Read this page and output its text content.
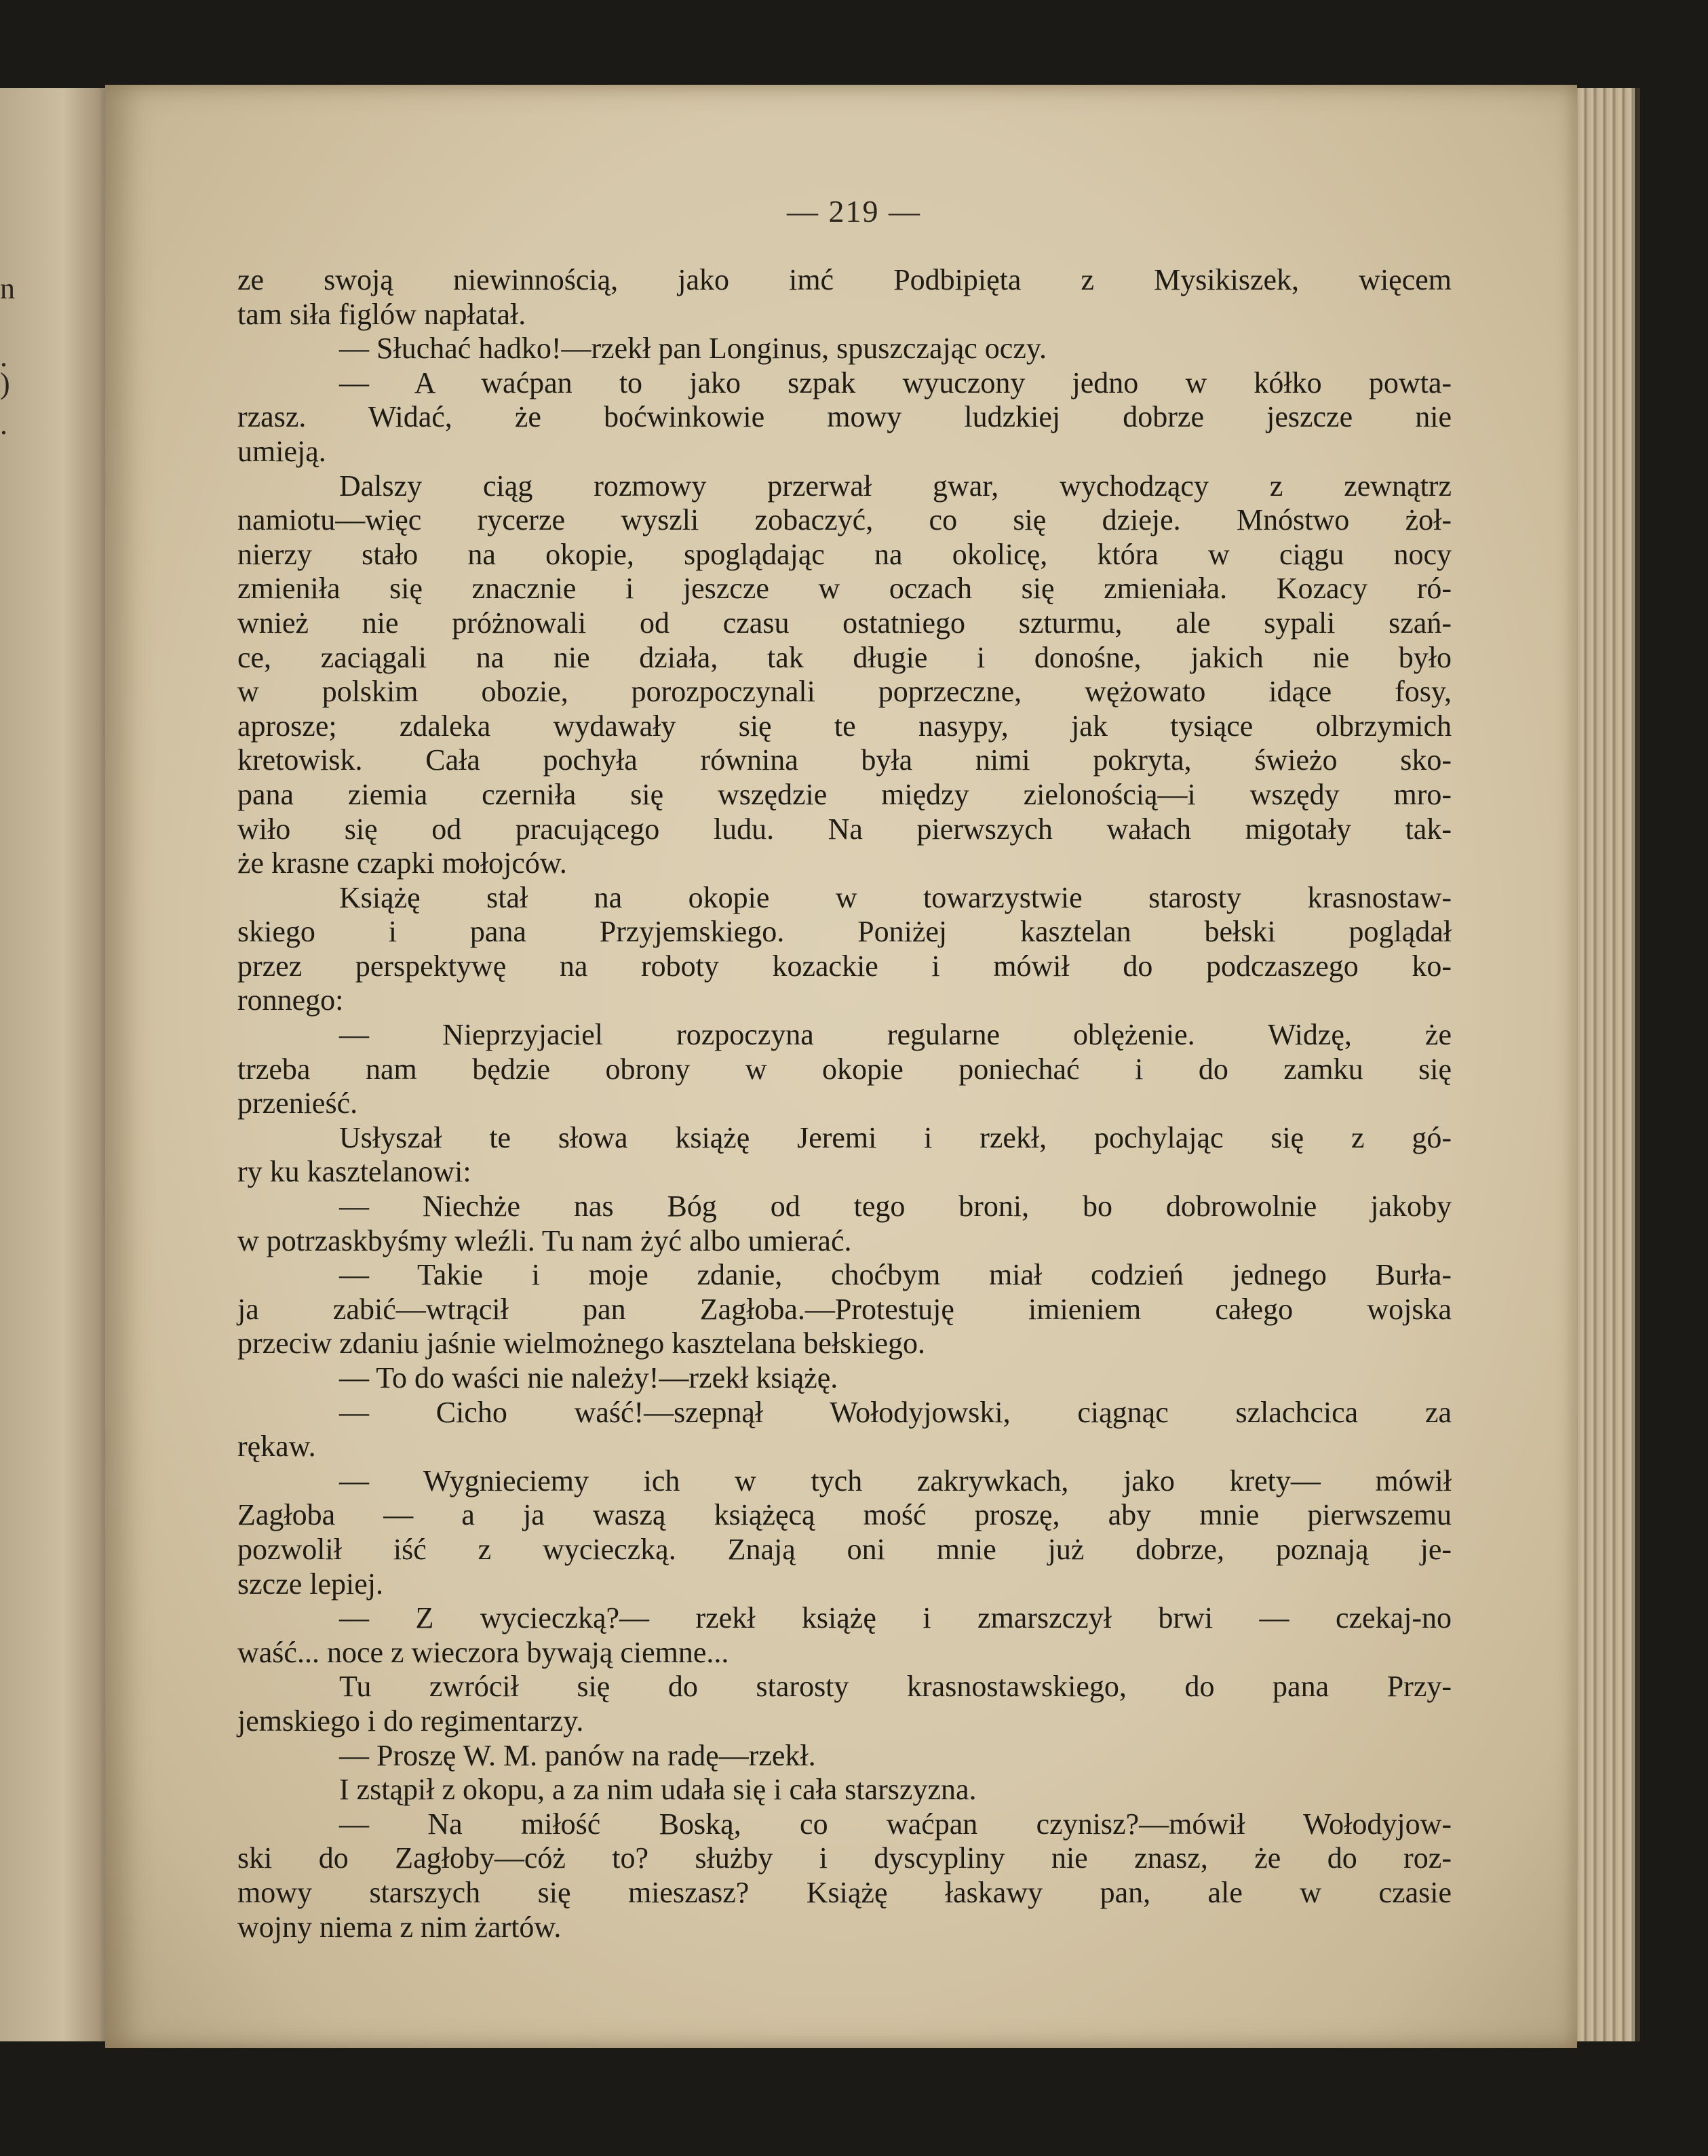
n
.
)
.
— 219 —
ze swoją niewinnością, jako imć Podbipięta z Mysikiszek, więcem
tam siła figlów napłatał.
— Słuchać hadko!—rzekł pan Longinus, spuszczając oczy.
— A waćpan to jako szpak wyuczony jedno w kółko powta-
rzasz. Widać, że boćwinkowie mowy ludzkiej dobrze jeszcze nie
umieją.
Dalszy ciąg rozmowy przerwał gwar, wychodzący z zewnątrz
namiotu—więc rycerze wyszli zobaczyć, co się dzieje. Mnóstwo żoł-
nierzy stało na okopie, spoglądając na okolicę, która w ciągu nocy
zmieniła się znacznie i jeszcze w oczach się zmieniała. Kozacy ró-
wnież nie próżnowali od czasu ostatniego szturmu, ale sypali szań-
ce, zaciągali na nie działa, tak długie i donośne, jakich nie było
w polskim obozie, porozpoczynali poprzeczne, wężowato idące fosy,
aprosze; zdaleka wydawały się te nasypy, jak tysiące olbrzymich
kretowisk. Cała pochyła równina była nimi pokryta, świeżo sko-
pana ziemia czerniła się wszędzie między zielonością—i wszędy mro-
wiło się od pracującego ludu. Na pierwszych wałach migotały tak-
że krasne czapki mołojców.
Książę stał na okopie w towarzystwie starosty krasnostaw-
skiego i pana Przyjemskiego. Poniżej kasztelan bełski poglądał
przez perspektywę na roboty kozackie i mówił do podczaszego ko-
ronnego:
— Nieprzyjaciel rozpoczyna regularne oblężenie. Widzę, że
trzeba nam będzie obrony w okopie poniechać i do zamku się
przenieść.
Usłyszał te słowa książę Jeremi i rzekł, pochylając się z gó-
ry ku kasztelanowi:
— Niechże nas Bóg od tego broni, bo dobrowolnie jakoby
w potrzaskbyśmy wleźli. Tu nam żyć albo umierać.
— Takie i moje zdanie, choćbym miał codzień jednego Burła-
ja zabić—wtrącił pan Zagłoba.—Protestuję imieniem całego wojska
przeciw zdaniu jaśnie wielmożnego kasztelana bełskiego.
— To do waści nie należy!—rzekł książę.
— Cicho waść!—szepnął Wołodyjowski, ciągnąc szlachcica za
rękaw.
— Wygnieciemy ich w tych zakrywkach, jako krety— mówił
Zagłoba — a ja waszą książęcą mość proszę, aby mnie pierwszemu
pozwolił iść z wycieczką. Znają oni mnie już dobrze, poznają je-
szcze lepiej.
— Z wycieczką?— rzekł książę i zmarszczył brwi — czekaj-no
waść... noce z wieczora bywają ciemne...
Tu zwrócił się do starosty krasnostawskiego, do pana Przy-
jemskiego i do regimentarzy.
— Proszę W. M. panów na radę—rzekł.
I zstąpił z okopu, a za nim udała się i cała starszyzna.
— Na miłość Boską, co waćpan czynisz?—mówił Wołodyjow-
ski do Zagłoby—cóż to? służby i dyscypliny nie znasz, że do roz-
mowy starszych się mieszasz? Książę łaskawy pan, ale w czasie
wojny niema z nim żartów.
